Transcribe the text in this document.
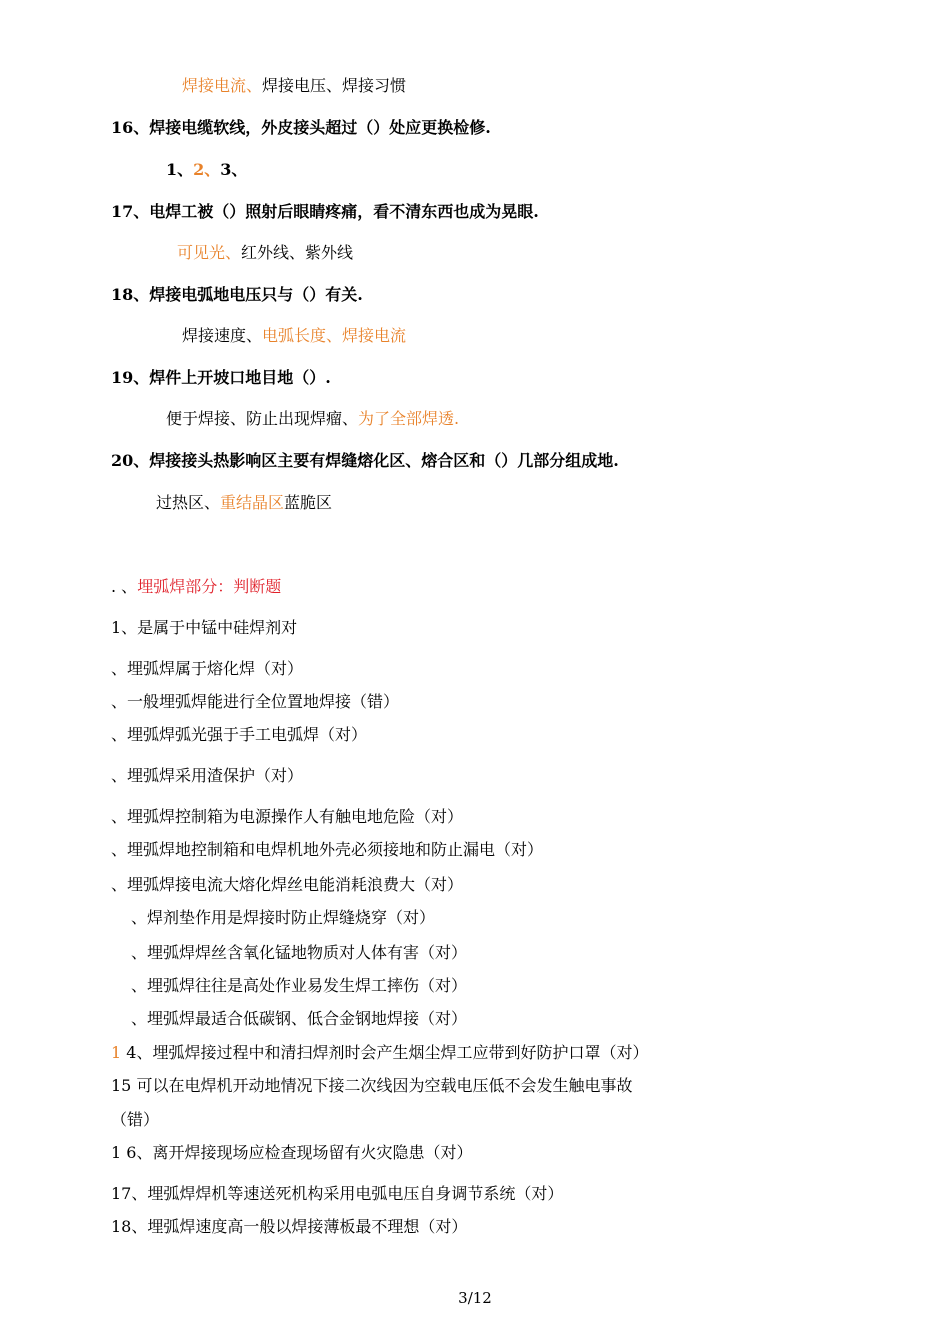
焊接电流、焊接电压、焊接习惯
16、焊接电缆软线，外皮接头超过（）处应更换检修.
1、2、3、
17、电焊工被（）照射后眼睛疼痛，看不清东西也成为晃眼.
可见光、红外线、紫外线
18、焊接电弧地电压只与（）有关.
焊接速度、电弧长度、焊接电流
19、焊件上开坡口地目地（）.
便于焊接、防止出现焊瘤、为了全部焊透.
20、焊接接头热影响区主要有焊缝熔化区、熔合区和（）几部分组成地.
过热区、重结晶区蓝脆区
. 、埋弧焊部分：判断题
1、是属于中锰中硅焊剂对
、埋弧焊属于熔化焊（对）
、一般埋弧焊能进行全位置地焊接（错）
、埋弧焊弧光强于手工电弧焊（对）
、埋弧焊采用渣保护（对）
、埋弧焊控制箱为电源操作人有触电地危险（对）
、埋弧焊地控制箱和电焊机地外壳必须接地和防止漏电（对）
、埋弧焊接电流大熔化焊丝电能消耗浪费大（对）
、焊剂垫作用是焊接时防止焊缝烧穿（对）
、埋弧焊焊丝含氧化锰地物质对人体有害（对）
、埋弧焊往往是高处作业易发生焊工摔伤（对）
、埋弧焊最适合低碳钢、低合金钢地焊接（对）
1 4、埋弧焊接过程中和清扫焊剂时会产生烟尘焊工应带到好防护口罩（对）
15 可以在电焊机开动地情况下接二次线因为空载电压低不会发生触电事故
（错）
1 6、离开焊接现场应检查现场留有火灾隐患（对）
17、埋弧焊焊机等速送死机构采用电弧电压自身调节系统（对）
18、埋弧焊速度高一般以焊接薄板最不理想（对）
3/12
